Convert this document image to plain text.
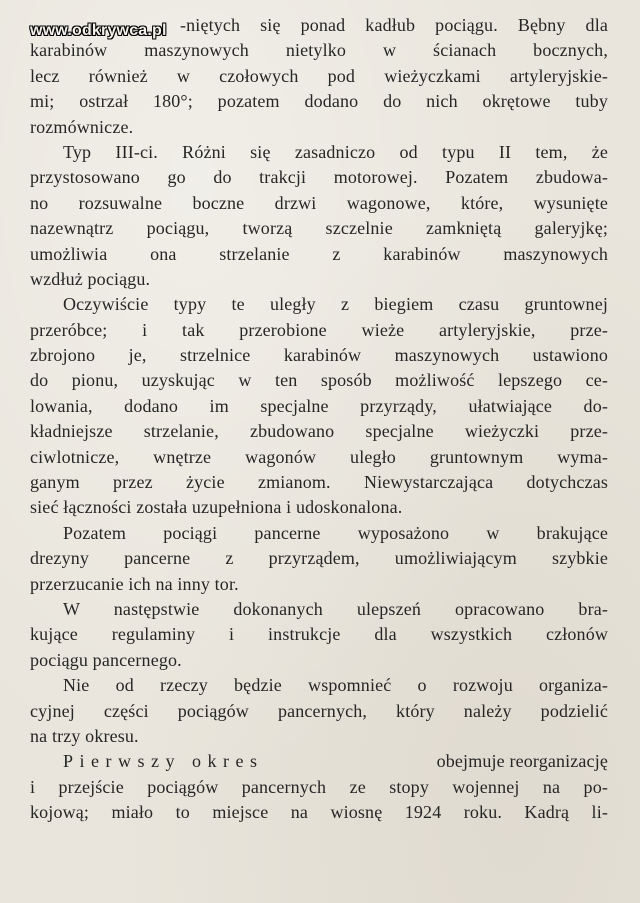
www.odkrywca.pl -niętych się ponad kadłub pociągu. Bębny dla
karabinów maszynowych nietylko w ścianach bocznych,
lecz również w czołowych pod wieżyczkami artyleryjskie-
mi; ostrzał 180°; pozatem dodano do nich okrętowe tuby
rozmównicze.
Typ III-ci. Różni się zasadniczo od typu II tem, że
przystosowano go do trakcji motorowej. Pozatem zbudowa-
no rozsuwalne boczne drzwi wagonowe, które, wysunięte
nazewnątrz pociągu, tworzą szczelnie zamkniętą galeryjkę;
umożliwia ona strzelanie z karabinów maszynowych
wzdłuż pociągu.
Oczywiście typy te uległy z biegiem czasu gruntownej
przeróbce; i tak przerobione wieże artyleryjskie, prze-
zbrojono je, strzelnice karabinów maszynowych ustawiono
do pionu, uzyskując w ten sposób możliwość lepszego ce-
lowania, dodano im specjalne przyrządy, ułatwiające do-
kładniejsze strzelanie, zbudowano specjalne wieżyczki prze-
ciwlotnicze, wnętrze wagonów uległo gruntownym wyma-
ganym przez życie zmianom. Niewystarczająca dotychczas
sieć łączności została uzupełniona i udoskonalona.
Pozatem pociągi pancerne wyposażono w brakujące
drezyny pancerne z przyrządem, umożliwiającym szybkie
przerzucanie ich na inny tor.
W następstwie dokonanych ulepszeń opracowano bra-
kujące regulaminy i instrukcje dla wszystkich członów
pociągu pancernego.
Nie od rzeczy będzie wspomnieć o rozwoju organiza-
cyjnej części pociągów pancernych, który należy podzielić
na trzy okresu.
Pierwszy okres	obejmuje reorganizację
i przejście pociągów pancernych ze stopy wojennej na po-
kojową; miało to miejsce na wiosnę 1924 roku. Kadrą li-
